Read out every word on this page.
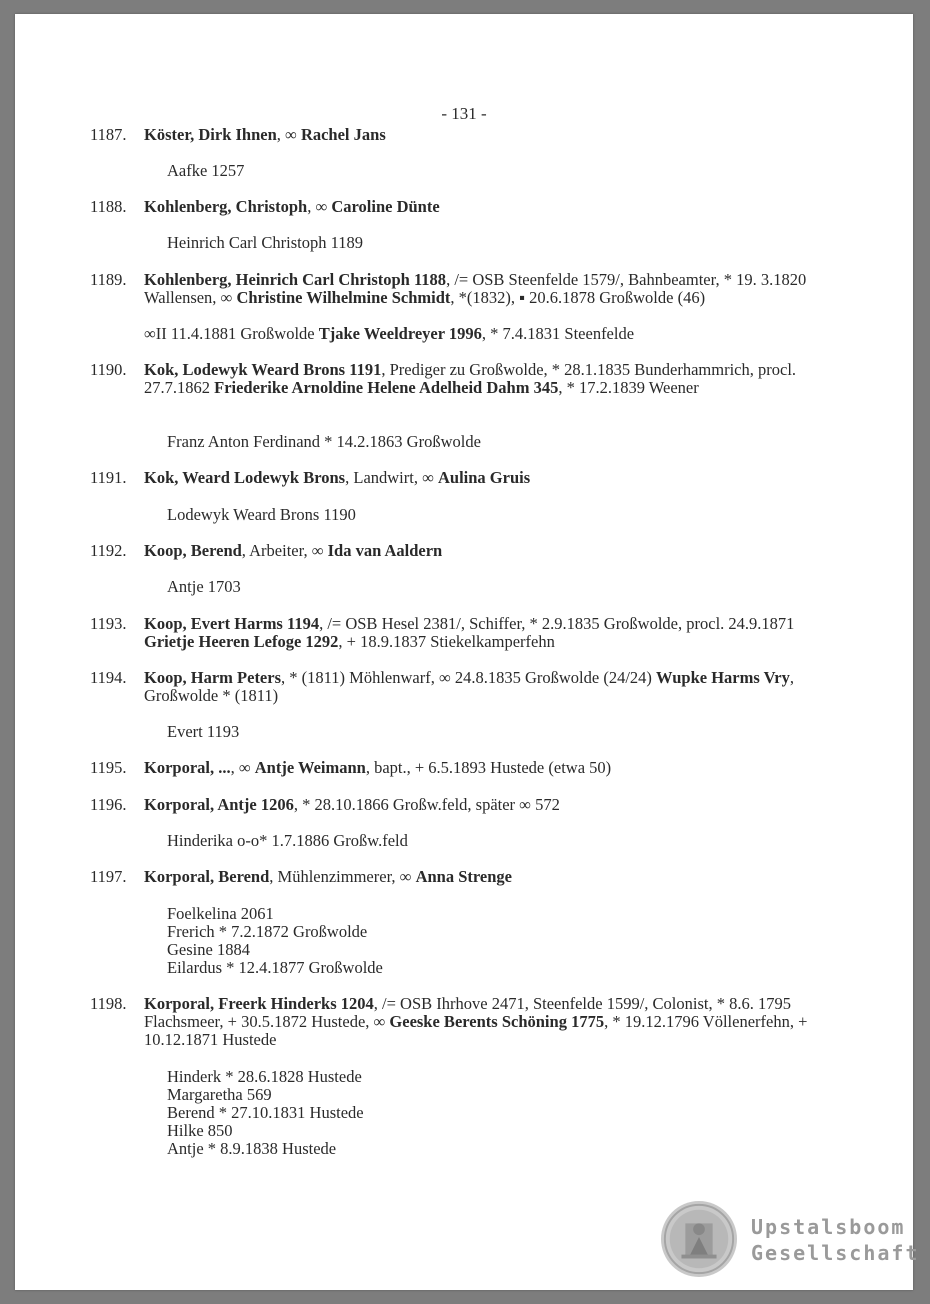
- 131 -
1187.	Köster, Dirk Ihnen, ∞ Rachel Jans
Aafke 1257
1188.	Kohlenberg, Christoph, ∞ Caroline Dünte
Heinrich Carl Christoph 1189
1189.	Kohlenberg, Heinrich Carl Christoph 1188, /= OSB Steenfelde 1579/, Bahnbeamter, * 19. 3.1820 Wallensen, ∞ Christine Wilhelmine Schmidt, *(1832), ▪ 20.6.1878 Großwolde (46)
∞II 11.4.1881 Großwolde Tjake Weeldreyer 1996, * 7.4.1831 Steenfelde
1190.	Kok, Lodewyk Weard Brons 1191, Prediger zu Großwolde, * 28.1.1835 Bunderhammrich, procl. 27.7.1862 Friederike Arnoldine Helene Adelheid Dahm 345, * 17.2.1839 Weener
Franz Anton Ferdinand * 14.2.1863 Großwolde
1191.	Kok, Weard Lodewyk Brons, Landwirt, ∞ Aulina Gruis
Lodewyk Weard Brons 1190
1192.	Koop, Berend, Arbeiter, ∞ Ida van Aaldern
Antje 1703
1193.	Koop, Evert Harms 1194, /= OSB Hesel 2381/, Schiffer, * 2.9.1835 Großwolde, procl. 24.9.1871 Grietje Heeren Lefoge 1292, + 18.9.1837 Stiekelkamperfehn
1194.	Koop, Harm Peters, * (1811) Möhlenwarf, ∞ 24.8.1835 Großwolde (24/24) Wupke Harms Vry, Großwolde * (1811)
Evert 1193
1195.	Korporal, ..., ∞ Antje Weimann, bapt., + 6.5.1893 Hustede (etwa 50)
1196.	Korporal, Antje 1206, * 28.10.1866 Großw.feld, später ∞ 572
Hinderika o-o* 1.7.1886 Großw.feld
1197.	Korporal, Berend, Mühlenzimmerer, ∞ Anna Strenge
Foelkelina 2061
Frerich * 7.2.1872 Großwolde
Gesine 1884
Eilardus * 12.4.1877 Großwolde
1198.	Korporal, Freerk Hinderks 1204, /= OSB Ihrhove 2471, Steenfelde 1599/, Colonist, * 8.6. 1795 Flachsmeer, + 30.5.1872 Hustede, ∞ Geeske Berents Schöning 1775, * 19.12.1796 Völlenerfehn, + 10.12.1871 Hustede
Hinderk * 28.6.1828 Hustede
Margaretha 569
Berend * 27.10.1831 Hustede
Hilke 850
Antje * 8.9.1838 Hustede
Upstalsboom
Gesellschaft
